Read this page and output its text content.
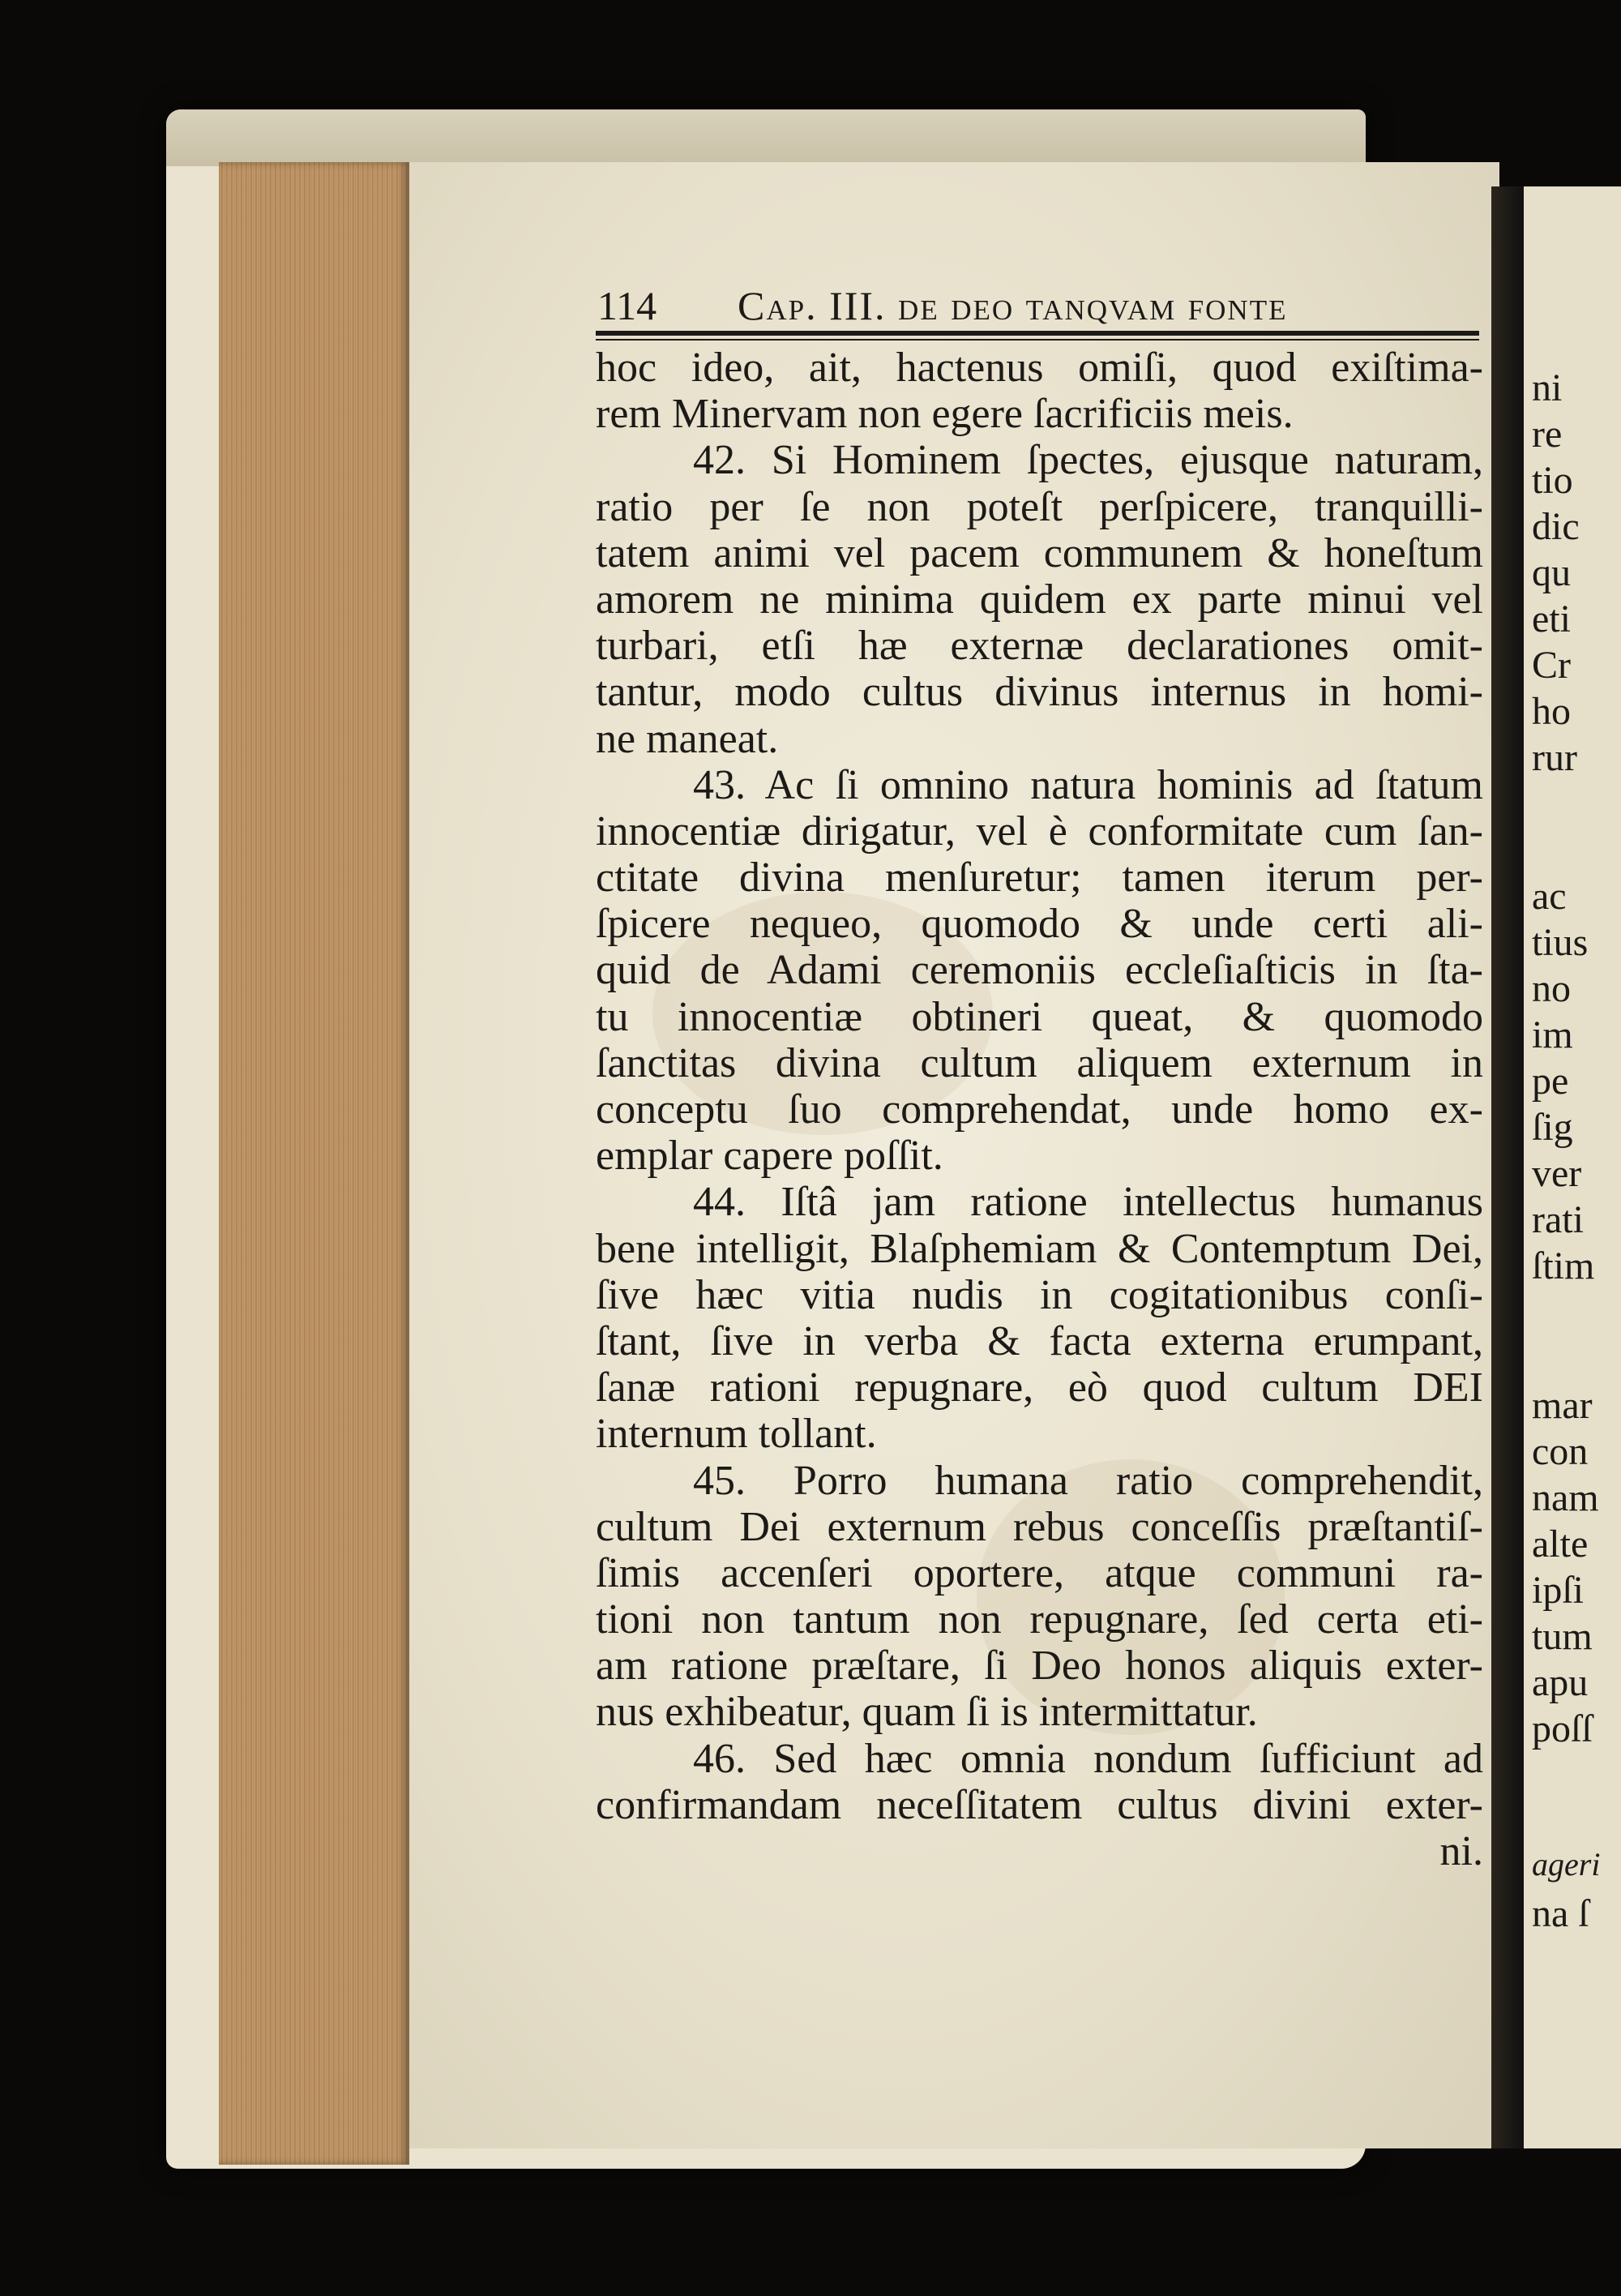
ni
re
tio
dic
qu
eti
Cr
ho
rur
ac
tius
no
im
pe
ſig
ver
rati
ſtim
mar
con
nam
alte
ipſi
tum
apu
poſſ
ageri
na ſ
114 Cap. III. de deo tanqvam fonte
hoc ideo, ait, hactenus omiſi, quod exiſtima-
rem Minervam non egere ſacrificiis meis.
42. Si Hominem ſpectes, ejusque naturam,
ratio per ſe non poteſt perſpicere, tranquilli-
tatem animi vel pacem communem & honeſtum
amorem ne minima quidem ex parte minui vel
turbari, etſi hæ externæ declarationes omit-
tantur, modo cultus divinus internus in homi-
ne maneat.
43. Ac ſi omnino natura hominis ad ſtatum
innocentiæ dirigatur, vel è conformitate cum ſan-
ctitate divina menſuretur; tamen iterum per-
ſpicere nequeo, quomodo & unde certi ali-
quid de Adami ceremoniis eccleſiaſticis in ſta-
tu innocentiæ obtineri queat, & quomodo
ſanctitas divina cultum aliquem externum in
conceptu ſuo comprehendat, unde homo ex-
emplar capere poſſit.
44. Iſtâ jam ratione intellectus humanus
bene intelligit, Blaſphemiam & Contemptum Dei,
ſive hæc vitia nudis in cogitationibus conſi-
ſtant, ſive in verba & facta externa erumpant,
ſanæ rationi repugnare, eò quod cultum DEI
internum tollant.
45. Porro humana ratio comprehendit,
cultum Dei externum rebus conceſſis præſtantiſ-
ſimis accenſeri oportere, atque communi ra-
tioni non tantum non repugnare, ſed certa eti-
am ratione præſtare, ſi Deo honos aliquis exter-
nus exhibeatur, quam ſi is intermittatur.
46. Sed hæc omnia nondum ſufficiunt ad
confirmandam neceſſitatem cultus divini exter-
ni.
